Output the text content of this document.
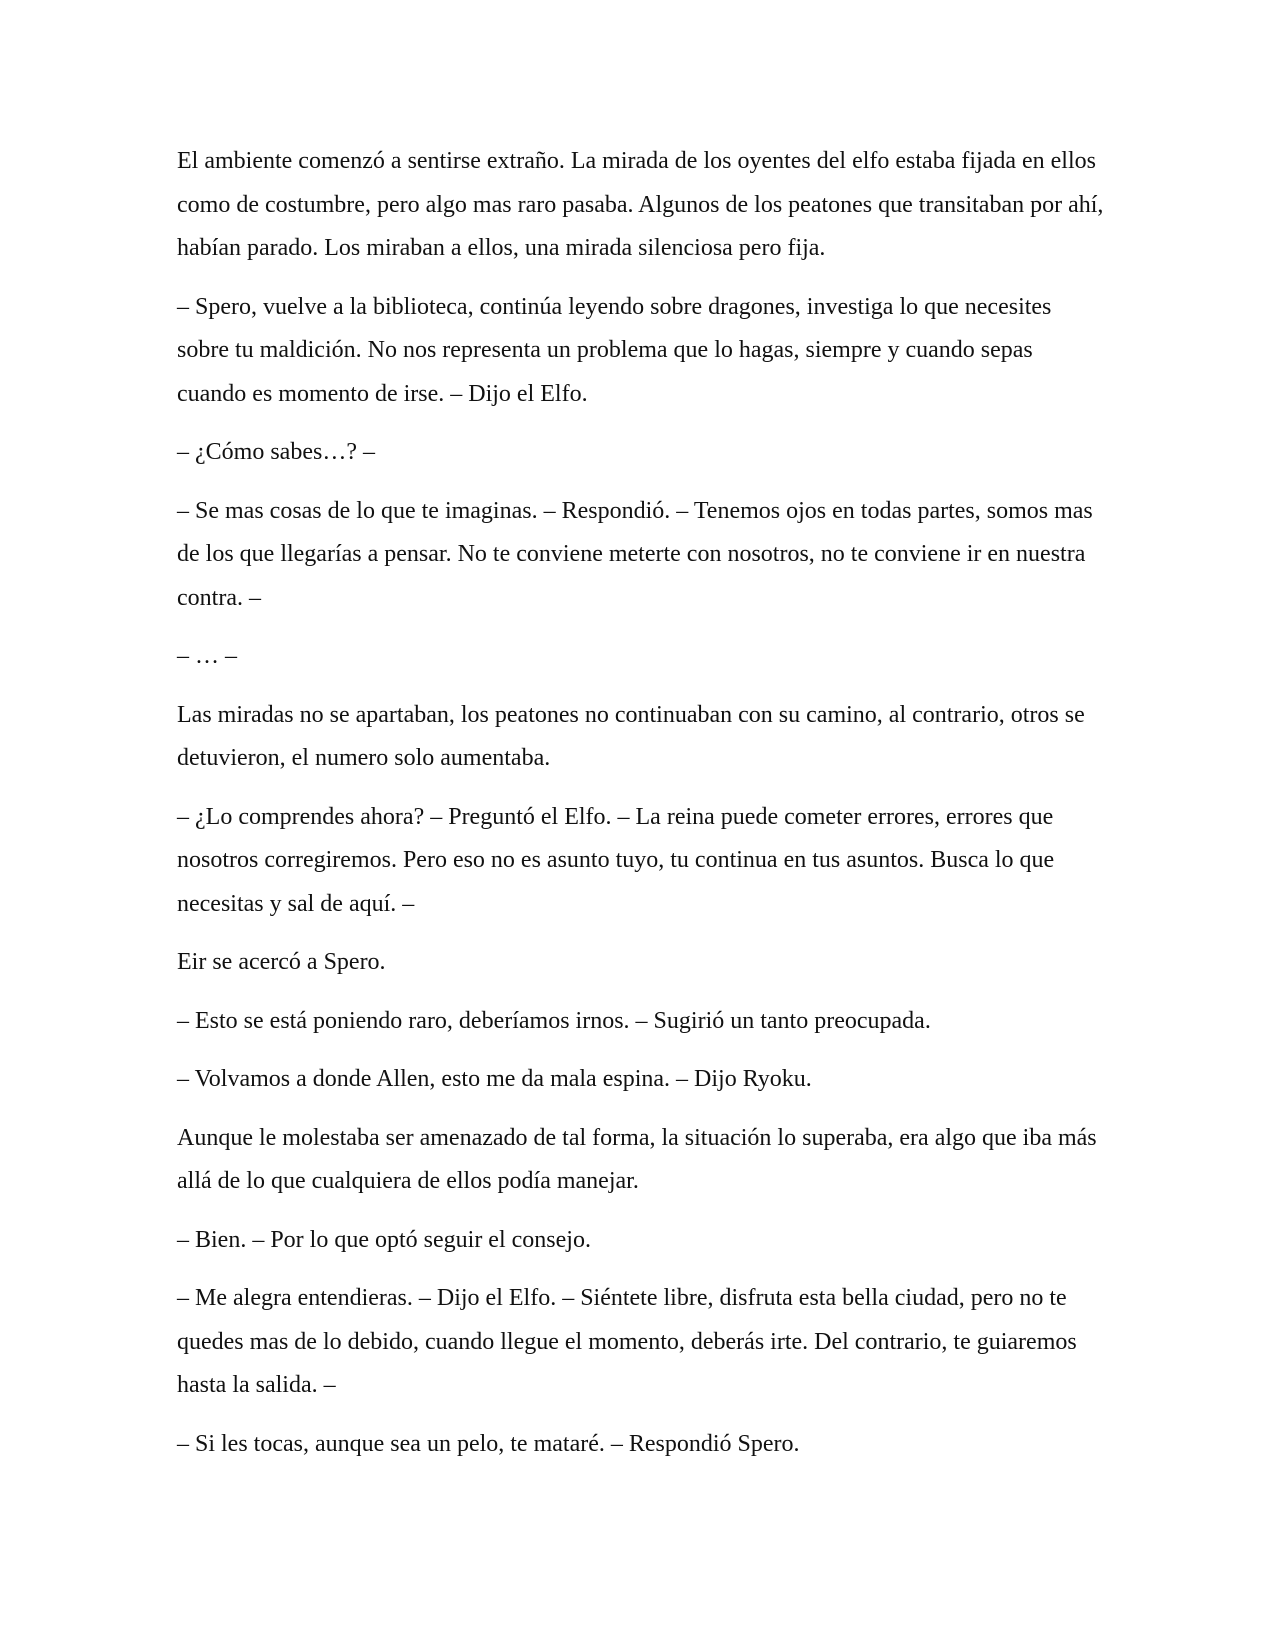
El ambiente comenzó a sentirse extraño. La mirada de los oyentes del elfo estaba fijada en ellos como de costumbre, pero algo mas raro pasaba. Algunos de los peatones que transitaban por ahí, habían parado. Los miraban a ellos, una mirada silenciosa pero fija.

– Spero, vuelve a la biblioteca, continúa leyendo sobre dragones, investiga lo que necesites sobre tu maldición. No nos representa un problema que lo hagas, siempre y cuando sepas cuando es momento de irse. – Dijo el Elfo.

– ¿Cómo sabes…? –

– Se mas cosas de lo que te imaginas. – Respondió. – Tenemos ojos en todas partes, somos mas de los que llegarías a pensar. No te conviene meterte con nosotros, no te conviene ir en nuestra contra. –

– … –

Las miradas no se apartaban, los peatones no continuaban con su camino, al contrario, otros se detuvieron, el numero solo aumentaba.

– ¿Lo comprendes ahora? – Preguntó el Elfo. – La reina puede cometer errores, errores que nosotros corregiremos. Pero eso no es asunto tuyo, tu continua en tus asuntos. Busca lo que necesitas y sal de aquí. –

Eir se acercó a Spero.

– Esto se está poniendo raro, deberíamos irnos. – Sugirió un tanto preocupada.

– Volvamos a donde Allen, esto me da mala espina. – Dijo Ryoku.

Aunque le molestaba ser amenazado de tal forma, la situación lo superaba, era algo que iba más allá de lo que cualquiera de ellos podía manejar.

– Bien. – Por lo que optó seguir el consejo.

– Me alegra entendieras. – Dijo el Elfo. – Siéntete libre, disfruta esta bella ciudad, pero no te quedes mas de lo debido, cuando llegue el momento, deberás irte. Del contrario, te guiaremos hasta la salida. –

– Si les tocas, aunque sea un pelo, te mataré. – Respondió Spero.
